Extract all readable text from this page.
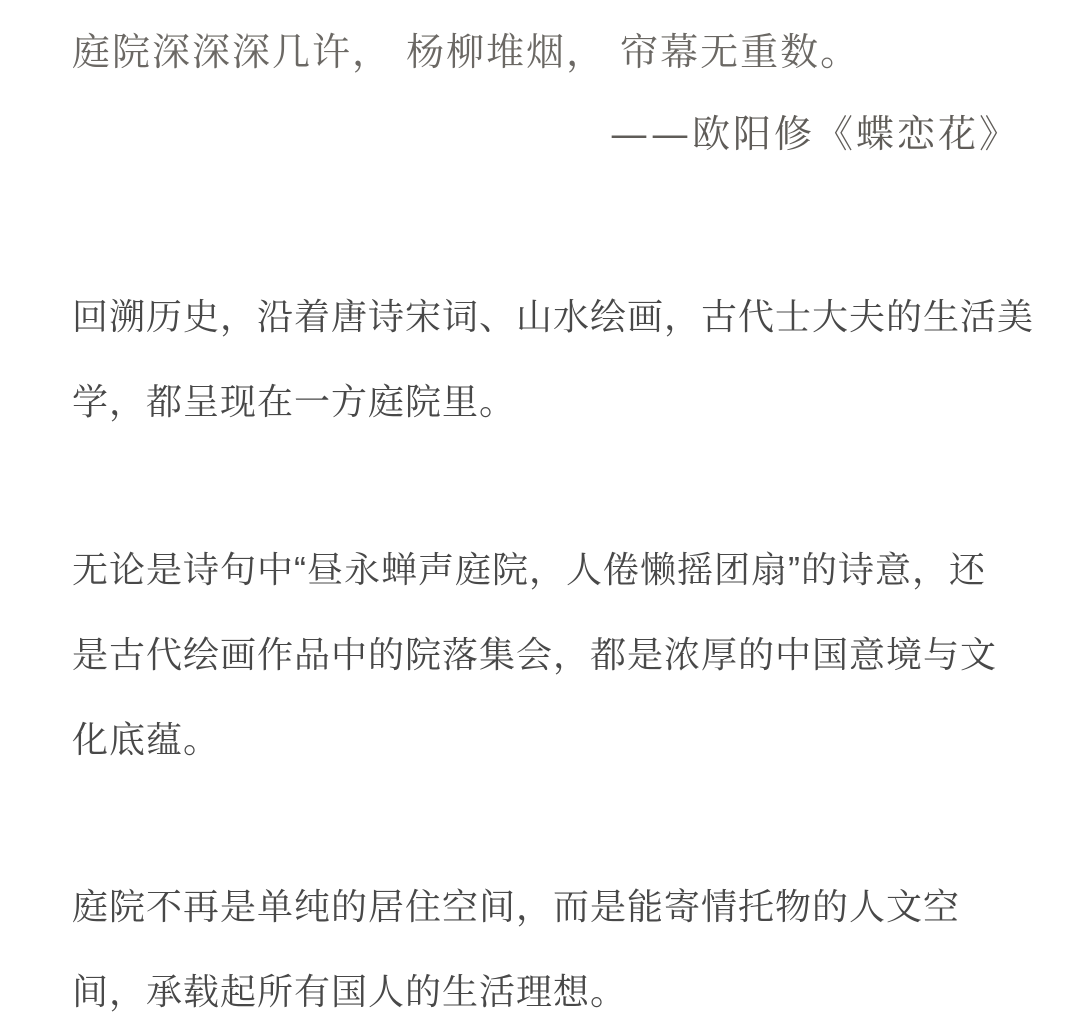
庭院深深深几许， 杨柳堆烟， 帘幕无重数。
——欧阳修《蝶恋花》
回溯历史，沿着唐诗宋词、山水绘画，古代士大夫的生活美
学，都呈现在一方庭院里。
无论是诗句中“昼永蝉声庭院，人倦懒摇团扇”的诗意，还
是古代绘画作品中的院落集会，都是浓厚的中国意境与文
化底蕴。
庭院不再是单纯的居住空间，而是能寄情托物的人文空
间，承载起所有国人的生活理想。
